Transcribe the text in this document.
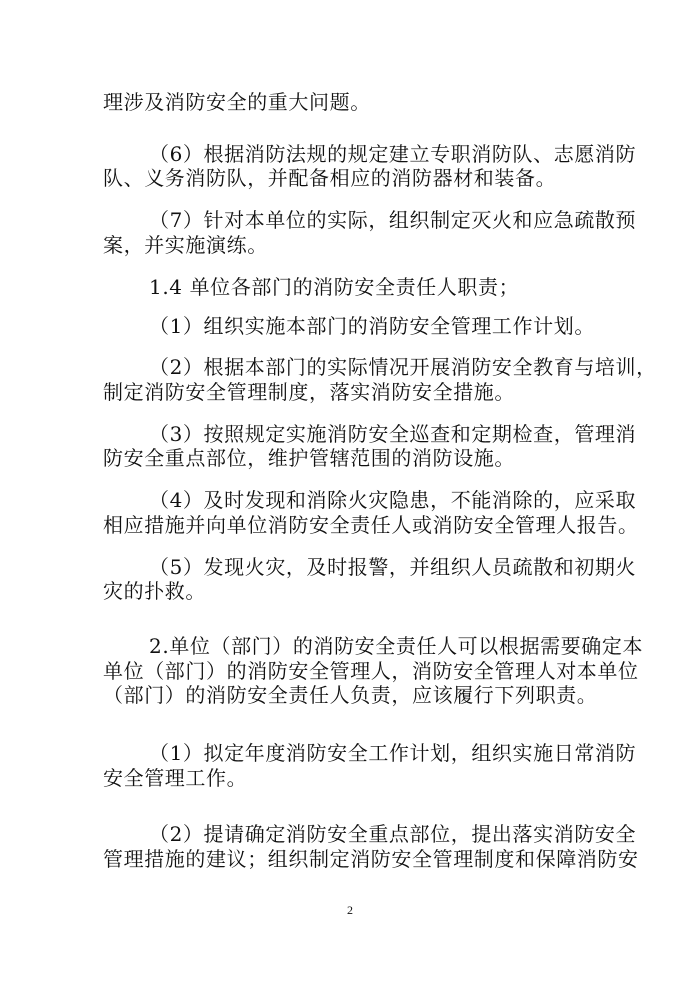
理涉及消防安全的重大问题。
（6）根据消防法规的规定建立专职消防队、志愿消防
队、义务消防队，并配备相应的消防器材和装备。
（7）针对本单位的实际，组织制定灭火和应急疏散预
案，并实施演练。
1.4 单位各部门的消防安全责任人职责；
（1）组织实施本部门的消防安全管理工作计划。
（2）根据本部门的实际情况开展消防安全教育与培训，
制定消防安全管理制度，落实消防安全措施。
（3）按照规定实施消防安全巡查和定期检查，管理消
防安全重点部位，维护管辖范围的消防设施。
（4）及时发现和消除火灾隐患，不能消除的，应采取
相应措施并向单位消防安全责任人或消防安全管理人报告。
（5）发现火灾，及时报警，并组织人员疏散和初期火
灾的扑救。
2.单位（部门）的消防安全责任人可以根据需要确定本
单位（部门）的消防安全管理人，消防安全管理人对本单位
（部门）的消防安全责任人负责，应该履行下列职责。
（1）拟定年度消防安全工作计划，组织实施日常消防
安全管理工作。
（2）提请确定消防安全重点部位，提出落实消防安全
管理措施的建议；组织制定消防安全管理制度和保障消防安
2
